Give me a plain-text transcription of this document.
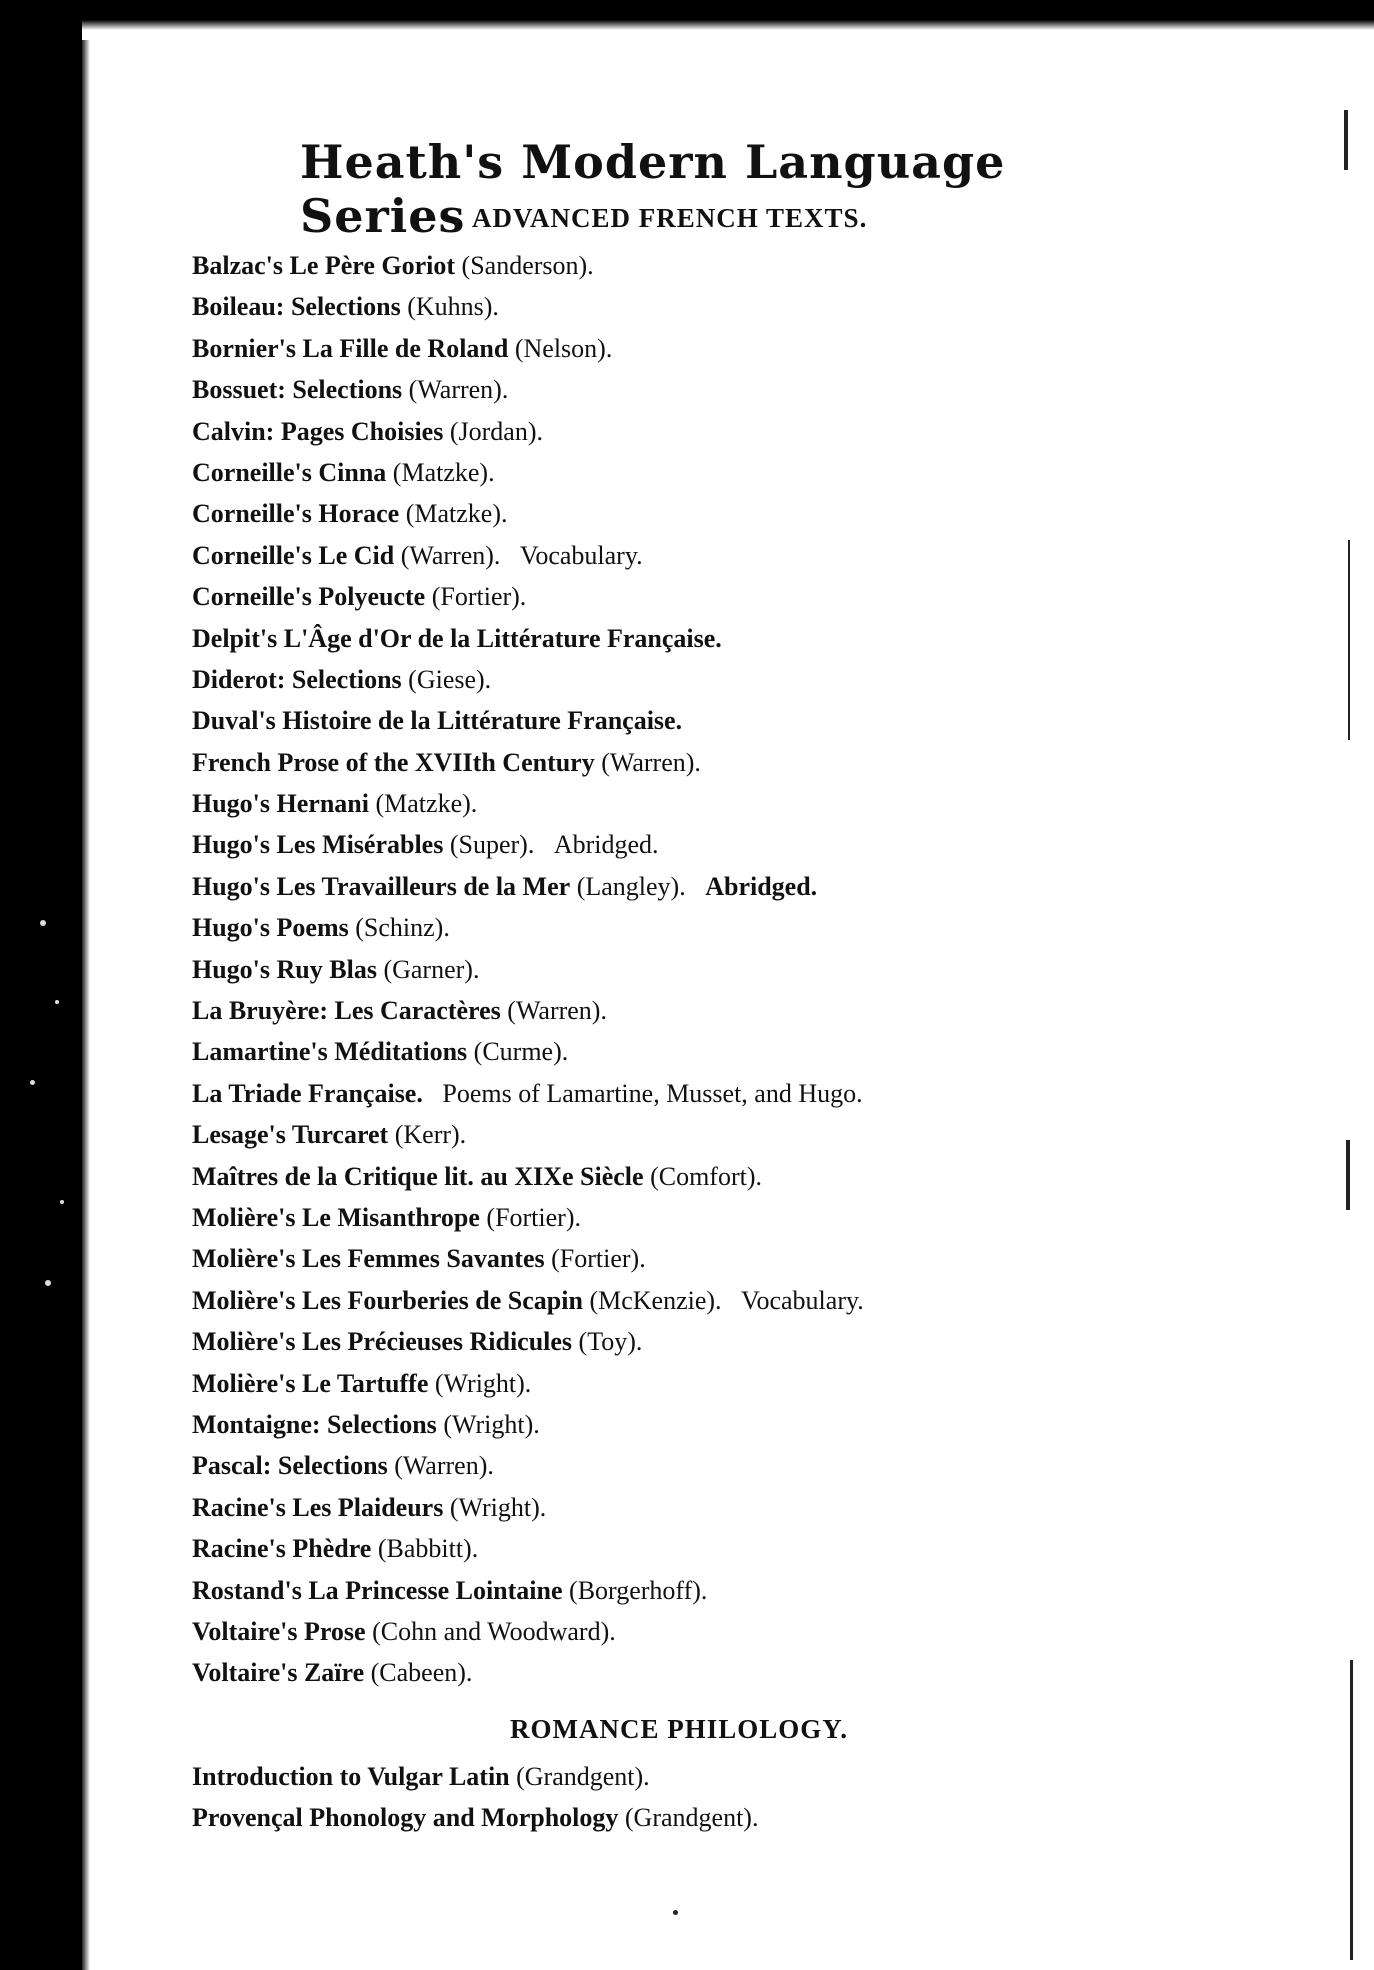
Heath's Modern Language Series ADVANCED FRENCH TEXTS.
Balzac's Le Père Goriot (Sanderson).
Boileau: Selections (Kuhns).
Bornier's La Fille de Roland (Nelson).
Bossuet: Selections (Warren).
Calvin: Pages Choisies (Jordan).
Corneille's Cinna (Matzke).
Corneille's Horace (Matzke).
Corneille's Le Cid (Warren). Vocabulary.
Corneille's Polyeucte (Fortier).
Delpit's L'Âge d'Or de la Littérature Française.
Diderot: Selections (Giese).
Duval's Histoire de la Littérature Française.
French Prose of the XVIIth Century (Warren).
Hugo's Hernani (Matzke).
Hugo's Les Misérables (Super). Abridged.
Hugo's Les Travailleurs de la Mer (Langley). Abridged.
Hugo's Poems (Schinz).
Hugo's Ruy Blas (Garner).
La Bruyère: Les Caractères (Warren).
Lamartine's Méditations (Curme).
La Triade Française. Poems of Lamartine, Musset, and Hugo.
Lesage's Turcaret (Kerr).
Maîtres de la Critique lit. au XIXe Siècle (Comfort).
Molière's Le Misanthrope (Fortier).
Molière's Les Femmes Savantes (Fortier).
Molière's Les Fourberies de Scapin (McKenzie). Vocabulary.
Molière's Les Précieuses Ridicules (Toy).
Molière's Le Tartuffe (Wright).
Montaigne: Selections (Wright).
Pascal: Selections (Warren).
Racine's Les Plaideurs (Wright).
Racine's Phèdre (Babbitt).
Rostand's La Princesse Lointaine (Borgerhoff).
Voltaire's Prose (Cohn and Woodward).
Voltaire's Zaïre (Cabeen).
ROMANCE PHILOLOGY.
Introduction to Vulgar Latin (Grandgent).
Provençal Phonology and Morphology (Grandgent).
